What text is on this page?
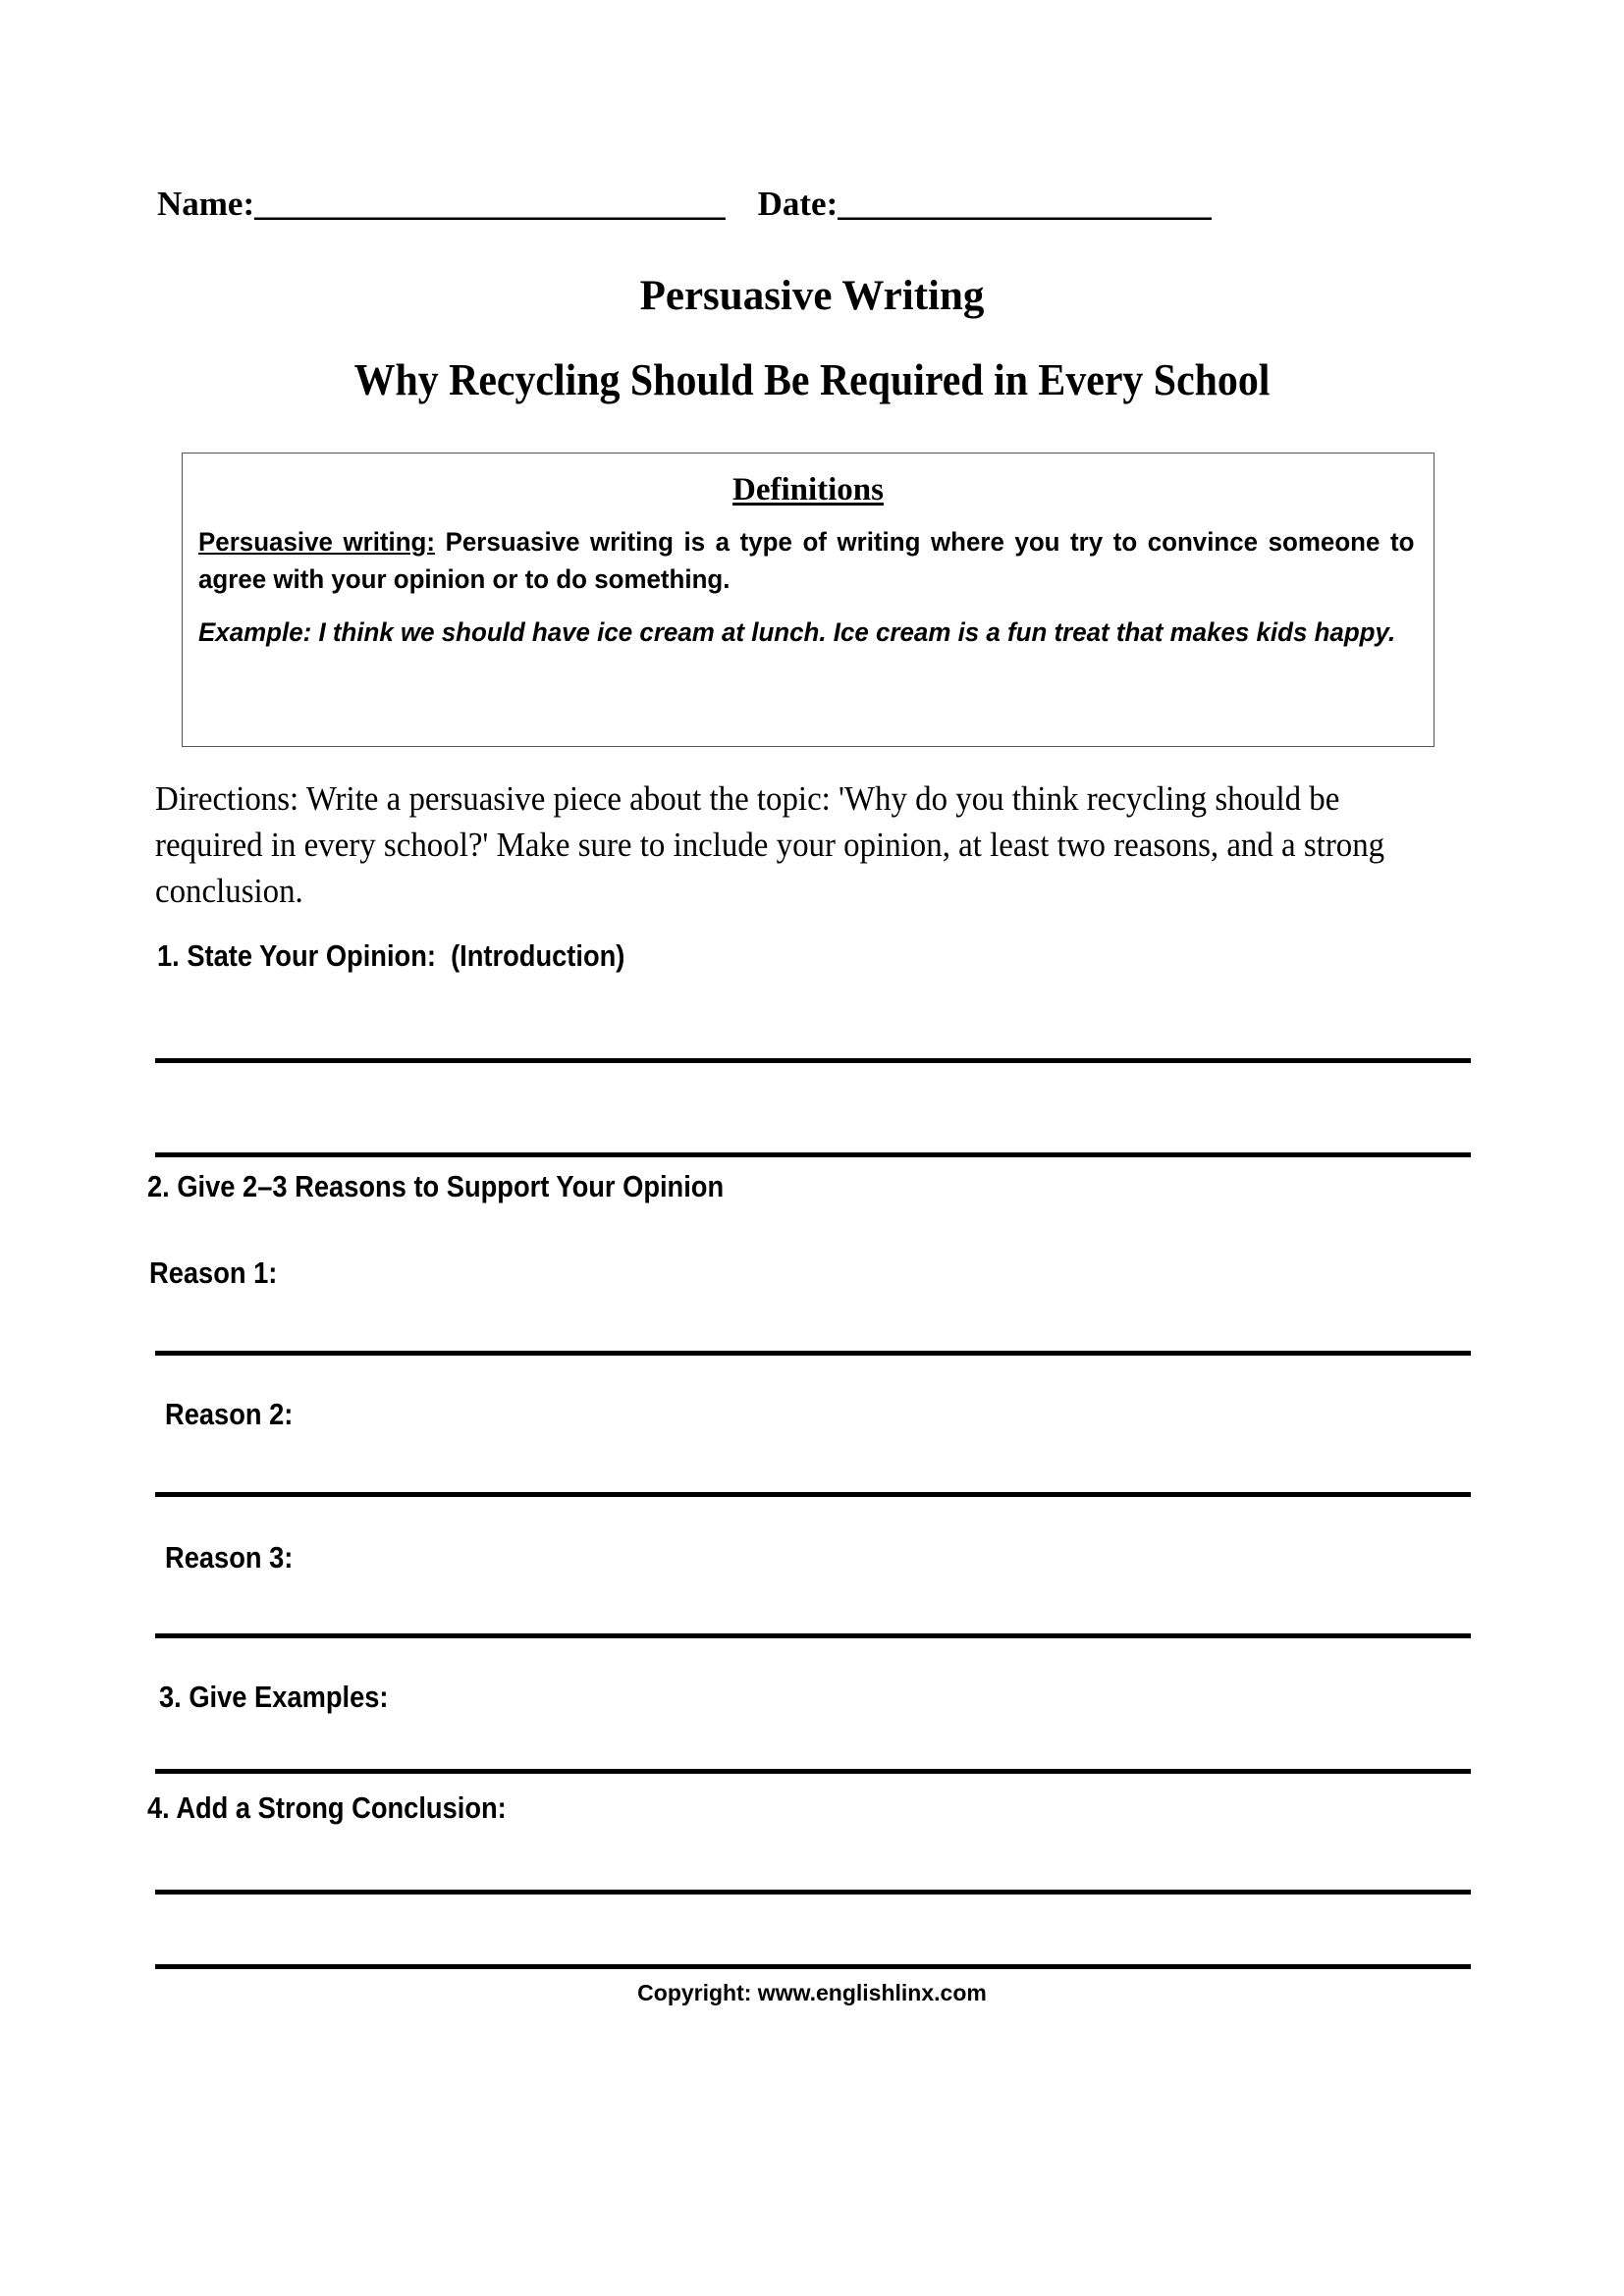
Name:_____________________________ Date:_______________________
Persuasive Writing
Why Recycling Should Be Required in Every School
Definitions
Persuasive writing: Persuasive writing is a type of writing where you try to convince someone to agree with your opinion or to do something.
Example: I think we should have ice cream at lunch. Ice cream is a fun treat that makes kids happy.
Directions: Write a persuasive piece about the topic: 'Why do you think recycling should be required in every school?' Make sure to include your opinion, at least two reasons, and a strong conclusion.
1. State Your Opinion:  (Introduction)
2. Give 2–3 Reasons to Support Your Opinion
Reason 1:
Reason 2:
Reason 3:
3. Give Examples:
4. Add a Strong Conclusion:
Copyright: www.englishlinx.com
